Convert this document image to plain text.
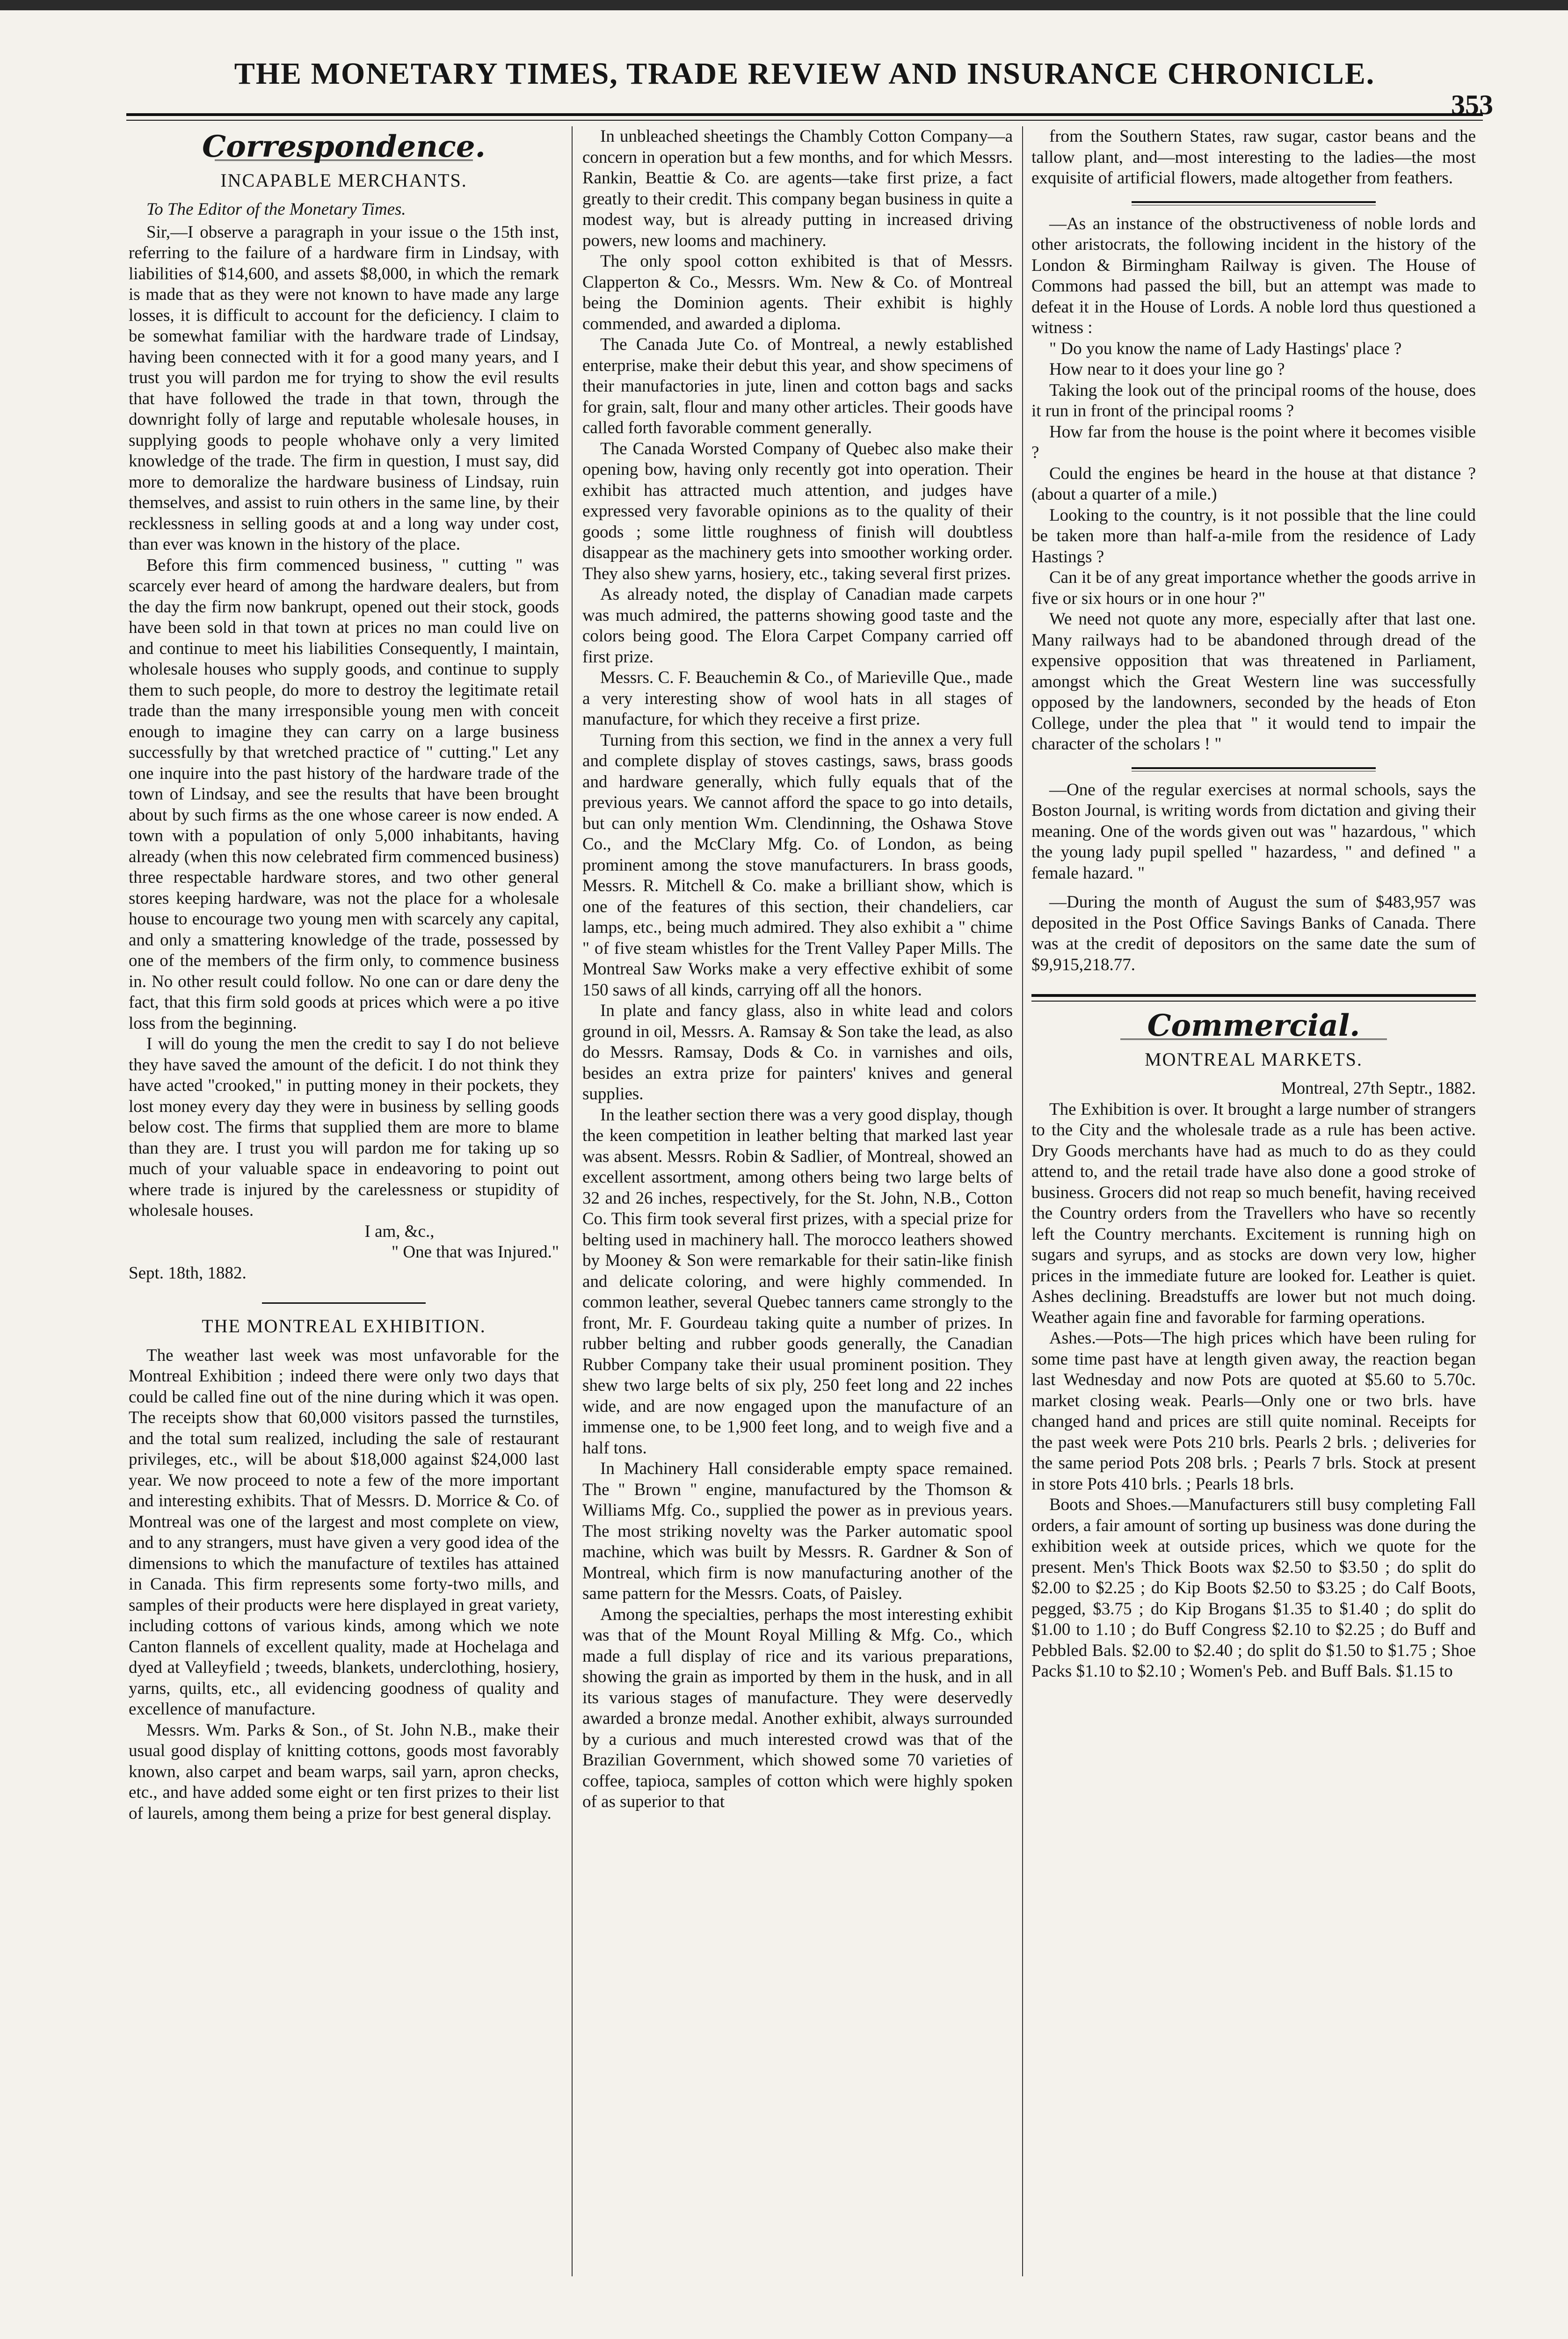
THE MONETARY TIMES, TRADE REVIEW AND INSURANCE CHRONICLE.
353
Correspondence.
INCAPABLE MERCHANTS.

To The Editor of the Monetary Times.

Sir,—I observe a paragraph in your issue o the 15th inst, referring to the failure of a hardware firm in Lindsay, with liabilities of $14,600, and assets $8,000, in which the remark is made that as they were not known to have made any large losses, it is difficult to account for the deficiency. I claim to be somewhat familiar with the hardware trade of Lindsay, having been connected with it for a good many years, and I trust you will pardon me for trying to show the evil results that have followed the trade in that town, through the downright folly of large and reputable wholesale houses, in supplying goods to people whohave only a very limited knowledge of the trade. The firm in question, I must say, did more to demoralize the hardware business of Lindsay, ruin themselves, and assist to ruin others in the same line, by their recklessness in selling goods at and a long way under cost, than ever was known in the history of the place.

Before this firm commenced business, " cutting " was scarcely ever heard of among the hardware dealers, but from the day the firm now bankrupt, opened out their stock, goods have been sold in that town at prices no man could live on and continue to meet his liabilities Consequently, I maintain, wholesale houses who supply goods, and continue to supply them to such people, do more to destroy the legitimate retail trade than the many irresponsible young men with conceit enough to imagine they can carry on a large business successfully by that wretched practice of " cutting." Let any one inquire into the past history of the hardware trade of the town of Lindsay, and see the results that have been brought about by such firms as the one whose career is now ended. A town with a population of only 5,000 inhabitants, having already (when this now celebrated firm commenced business) three respectable hardware stores, and two other general stores keeping hardware, was not the place for a wholesale house to encourage two young men with scarcely any capital, and only a smattering knowledge of the trade, possessed by one of the members of the firm only, to commence business in. No other result could follow. No one can or dare deny the fact, that this firm sold goods at prices which were a po itive loss from the beginning.

I will do young the men the credit to say I do not believe they have saved the amount of the deficit. I do not think they have acted "crooked," in putting money in their pockets, they lost money every day they were in business by selling goods below cost. The firms that supplied them are more to blame than they are. I trust you will pardon me for taking up so much of your valuable space in endeavoring to point out where trade is injured by the carelessness or stupidity of wholesale houses.

I am, &c.,

" One that was Injured."

Sept. 18th, 1882.

THE MONTREAL EXHIBITION.

The weather last week was most unfavorable for the Montreal Exhibition ; indeed there were only two days that could be called fine out of the nine during which it was open. The receipts show that 60,000 visitors passed the turnstiles, and the total sum realized, including the sale of restaurant privileges, etc., will be about $18,000 against $24,000 last year. We now proceed to note a few of the more important and interesting exhibits. That of Messrs. D. Morrice & Co. of Montreal was one of the largest and most complete on view, and to any strangers, must have given a very good idea of the dimensions to which the manufacture of textiles has attained in Canada. This firm represents some forty-two mills, and samples of their products were here displayed in great variety, including cottons of various kinds, among which we note Canton flannels of excellent quality, made at Hochelaga and dyed at Valleyfield ; tweeds, blankets, underclothing, hosiery, yarns, quilts, etc., all evidencing goodness of quality and excellence of manufacture.

Messrs. Wm. Parks & Son., of St. John N.B., make their usual good display of knitting cottons, goods most favorably known, also carpet and beam warps, sail yarn, apron checks, etc., and have added some eight or ten first prizes to their list of laurels, among them being a prize for best general display.

In unbleached sheetings the Chambly Cotton Company—a concern in operation but a few months, and for which Messrs. Rankin, Beattie & Co. are agents—take first prize, a fact greatly to their credit. This company began business in quite a modest way, but is already putting in increased driving powers, new looms and machinery.

The only spool cotton exhibited is that of Messrs. Clapperton & Co., Messrs. Wm. New & Co. of Montreal being the Dominion agents. Their exhibit is highly commended, and awarded a diploma.

The Canada Jute Co. of Montreal, a newly established enterprise, make their debut this year, and show specimens of their manufactories in jute, linen and cotton bags and sacks for grain, salt, flour and many other articles. Their goods have called forth favorable comment generally.

The Canada Worsted Company of Quebec also make their opening bow, having only recently got into operation. Their exhibit has attracted much attention, and judges have expressed very favorable opinions as to the quality of their goods ; some little roughness of finish will doubtless disappear as the machinery gets into smoother working order. They also shew yarns, hosiery, etc., taking several first prizes.

As already noted, the display of Canadian made carpets was much admired, the patterns showing good taste and the colors being good. The Elora Carpet Company carried off first prize.

Messrs. C. F. Beauchemin & Co., of Marieville Que., made a very interesting show of wool hats in all stages of manufacture, for which they receive a first prize.

Turning from this section, we find in the annex a very full and complete display of stoves castings, saws, brass goods and hardware generally, which fully equals that of the previous years. We cannot afford the space to go into details, but can only mention Wm. Clendinning, the Oshawa Stove Co., and the McClary Mfg. Co. of London, as being prominent among the stove manufacturers. In brass goods, Messrs. R. Mitchell & Co. make a brilliant show, which is one of the features of this section, their chandeliers, car lamps, etc., being much admired. They also exhibit a " chime " of five steam whistles for the Trent Valley Paper Mills. The Montreal Saw Works make a very effective exhibit of some 150 saws of all kinds, carrying off all the honors.

In plate and fancy glass, also in white lead and colors ground in oil, Messrs. A. Ramsay & Son take the lead, as also do Messrs. Ramsay, Dods & Co. in varnishes and oils, besides an extra prize for painters' knives and general supplies.

In the leather section there was a very good display, though the keen competition in leather belting that marked last year was absent. Messrs. Robin & Sadlier, of Montreal, showed an excellent assortment, among others being two large belts of 32 and 26 inches, respectively, for the St. John, N.B., Cotton Co. This firm took several first prizes, with a special prize for belting used in machinery hall. The morocco leathers showed by Mooney & Son were remarkable for their satin-like finish and delicate coloring, and were highly commended. In common leather, several Quebec tanners came strongly to the front, Mr. F. Gourdeau taking quite a number of prizes. In rubber belting and rubber goods generally, the Canadian Rubber Company take their usual prominent position. They shew two large belts of six ply, 250 feet long and 22 inches wide, and are now engaged upon the manufacture of an immense one, to be 1,900 feet long, and to weigh five and a half tons.

In Machinery Hall considerable empty space remained. The " Brown " engine, manufactured by the Thomson & Williams Mfg. Co., supplied the power as in previous years. The most striking novelty was the Parker automatic spool machine, which was built by Messrs. R. Gardner & Son of Montreal, which firm is now manufacturing another of the same pattern for the Messrs. Coats, of Paisley.

Among the specialties, perhaps the most interesting exhibit was that of the Mount Royal Milling & Mfg. Co., which made a full display of rice and its various preparations, showing the grain as imported by them in the husk, and in all its various stages of manufacture. They were deservedly awarded a bronze medal. Another exhibit, always surrounded by a curious and much interested crowd was that of the Brazilian Government, which showed some 70 varieties of coffee, tapioca, samples of cotton which were highly spoken of as superior to that

from the Southern States, raw sugar, castor beans and the tallow plant, and—most interesting to the ladies—the most exquisite of artificial flowers, made altogether from feathers.

—As an instance of the obstructiveness of noble lords and other aristocrats, the following incident in the history of the London & Birmingham Railway is given. The House of Commons had passed the bill, but an attempt was made to defeat it in the House of Lords. A noble lord thus questioned a witness :

" Do you know the name of Lady Hastings' place ?

How near to it does your line go ?

Taking the look out of the principal rooms of the house, does it run in front of the principal rooms ?

How far from the house is the point where it becomes visible ?

Could the engines be heard in the house at that distance ? (about a quarter of a mile.)

Looking to the country, is it not possible that the line could be taken more than half-a-mile from the residence of Lady Hastings ?

Can it be of any great importance whether the goods arrive in five or six hours or in one hour ?"

We need not quote any more, especially after that last one. Many railways had to be abandoned through dread of the expensive opposition that was threatened in Parliament, amongst which the Great Western line was successfully opposed by the landowners, seconded by the heads of Eton College, under the plea that " it would tend to impair the character of the scholars ! "

—One of the regular exercises at normal schools, says the Boston Journal, is writing words from dictation and giving their meaning. One of the words given out was " hazardous, " which the young lady pupil spelled " hazardess, " and defined " a female hazard. "

—During the month of August the sum of $483,957 was deposited in the Post Office Savings Banks of Canada. There was at the credit of depositors on the same date the sum of $9,915,218.77.

Commercial.
MONTREAL MARKETS.

Montreal, 27th Septr., 1882.

The Exhibition is over. It brought a large number of strangers to the City and the wholesale trade as a rule has been active. Dry Goods merchants have had as much to do as they could attend to, and the retail trade have also done a good stroke of business. Grocers did not reap so much benefit, having received the Country orders from the Travellers who have so recently left the Country merchants. Excitement is running high on sugars and syrups, and as stocks are down very low, higher prices in the immediate future are looked for. Leather is quiet. Ashes declining. Breadstuffs are lower but not much doing. Weather again fine and favorable for farming operations.

Ashes.—Pots—The high prices which have been ruling for some time past have at length given away, the reaction began last Wednesday and now Pots are quoted at $5.60 to 5.70c. market closing weak. Pearls—Only one or two brls. have changed hand and prices are still quite nominal. Receipts for the past week were Pots 210 brls. Pearls 2 brls. ; deliveries for the same period Pots 208 brls. ; Pearls 7 brls. Stock at present in store Pots 410 brls. ; Pearls 18 brls.

Boots and Shoes.—Manufacturers still busy completing Fall orders, a fair amount of sorting up business was done during the exhibition week at outside prices, which we quote for the present. Men's Thick Boots wax $2.50 to $3.50 ; do split do $2.00 to $2.25 ; do Kip Boots $2.50 to $3.25 ; do Calf Boots, pegged, $3.75 ; do Kip Brogans $1.35 to $1.40 ; do split do $1.00 to 1.10 ; do Buff Congress $2.10 to $2.25 ; do Buff and Pebbled Bals. $2.00 to $2.40 ; do split do $1.50 to $1.75 ; Shoe Packs $1.10 to $2.10 ; Women's Peb. and Buff Bals. $1.15 to
